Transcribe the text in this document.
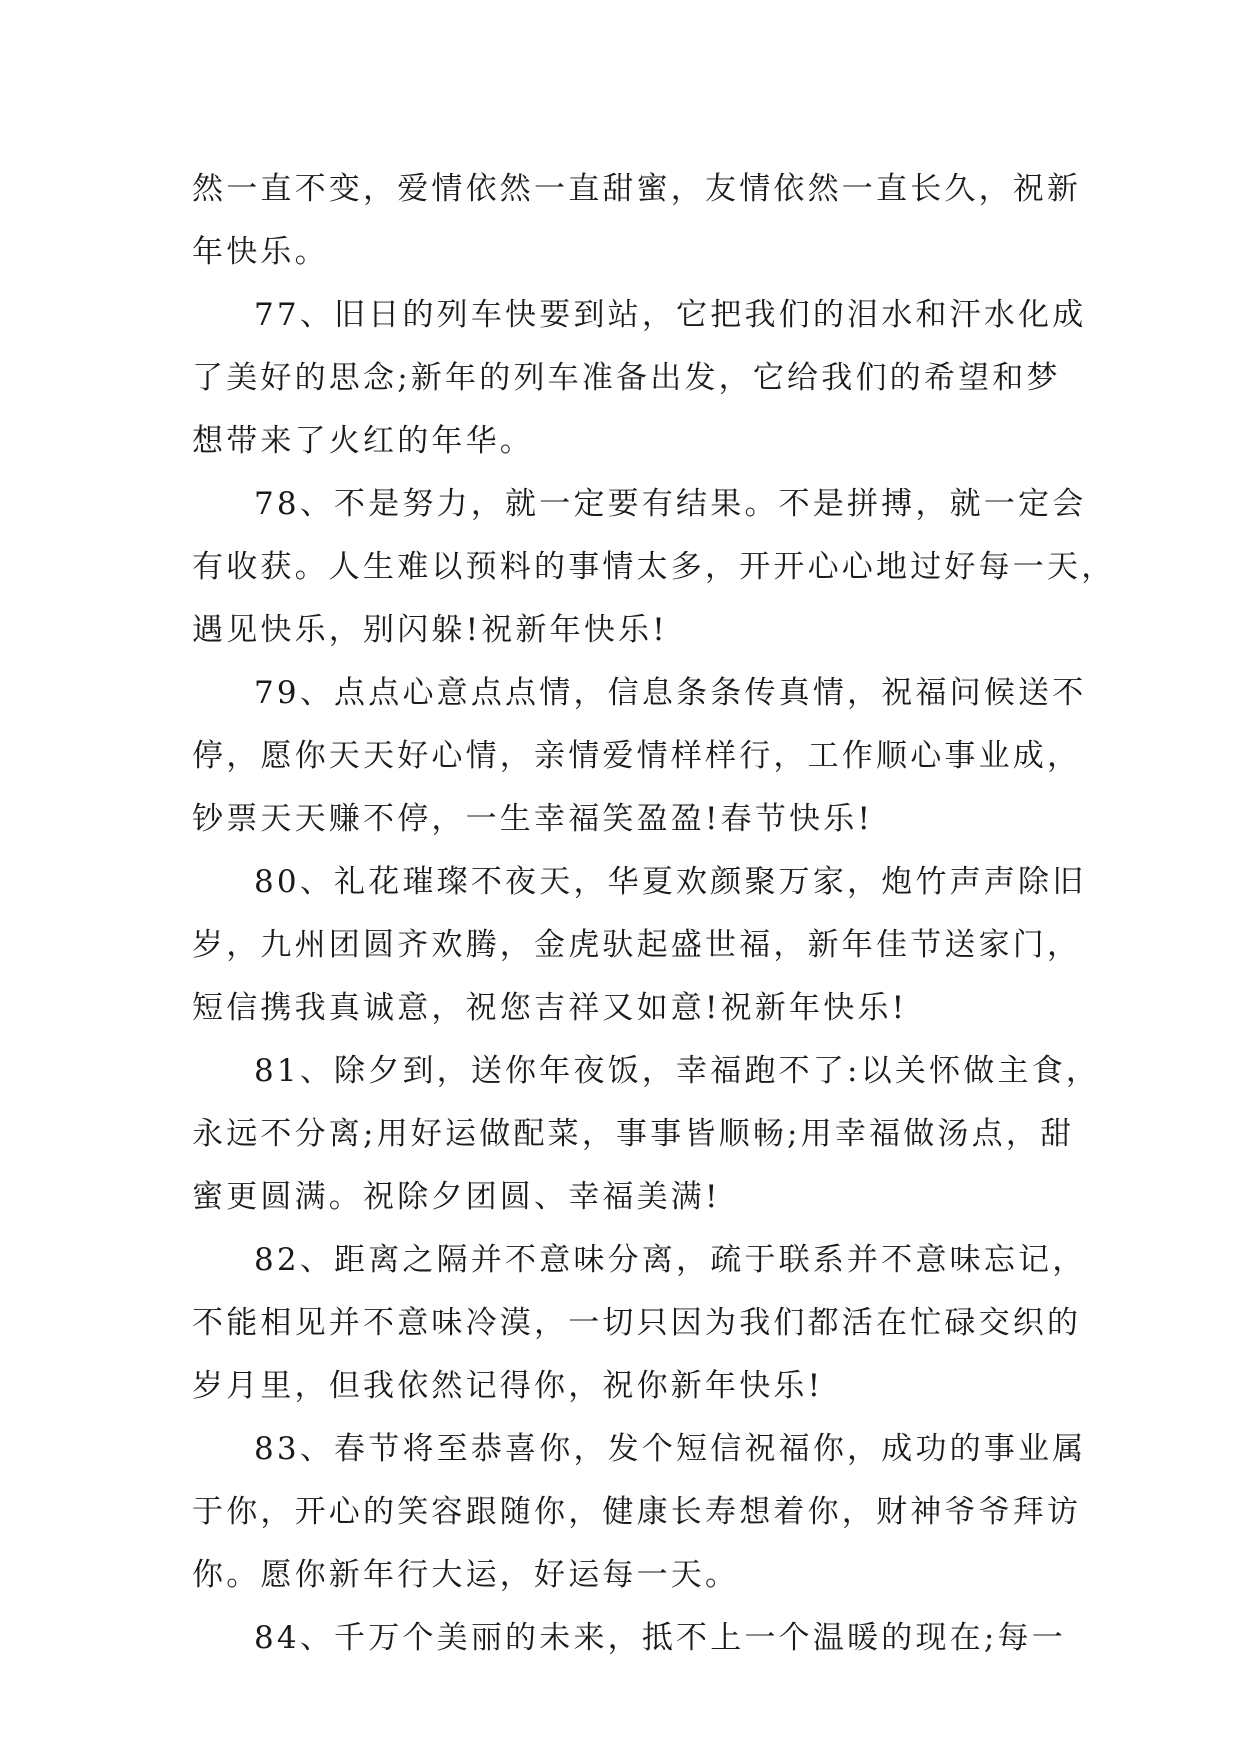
然一直不变，爱情依然一直甜蜜，友情依然一直长久，祝新
年快乐。
77、旧日的列车快要到站，它把我们的泪水和汗水化成
了美好的思念;新年的列车准备出发，它给我们的希望和梦
想带来了火红的年华。
78、不是努力，就一定要有结果。不是拼搏，就一定会
有收获。人生难以预料的事情太多，开开心心地过好每一天，
遇见快乐，别闪躲!祝新年快乐!
79、点点心意点点情，信息条条传真情，祝福问候送不
停，愿你天天好心情，亲情爱情样样行，工作顺心事业成，
钞票天天赚不停，一生幸福笑盈盈!春节快乐!
80、礼花璀璨不夜天，华夏欢颜聚万家，炮竹声声除旧
岁，九州团圆齐欢腾，金虎驮起盛世福，新年佳节送家门，
短信携我真诚意，祝您吉祥又如意!祝新年快乐!
81、除夕到，送你年夜饭，幸福跑不了:以关怀做主食，
永远不分离;用好运做配菜，事事皆顺畅;用幸福做汤点，甜
蜜更圆满。祝除夕团圆、幸福美满!
82、距离之隔并不意味分离，疏于联系并不意味忘记，
不能相见并不意味冷漠，一切只因为我们都活在忙碌交织的
岁月里，但我依然记得你，祝你新年快乐!
83、春节将至恭喜你，发个短信祝福你，成功的事业属
于你，开心的笑容跟随你，健康长寿想着你，财神爷爷拜访
你。愿你新年行大运，好运每一天。
84、千万个美丽的未来，抵不上一个温暖的现在;每一
